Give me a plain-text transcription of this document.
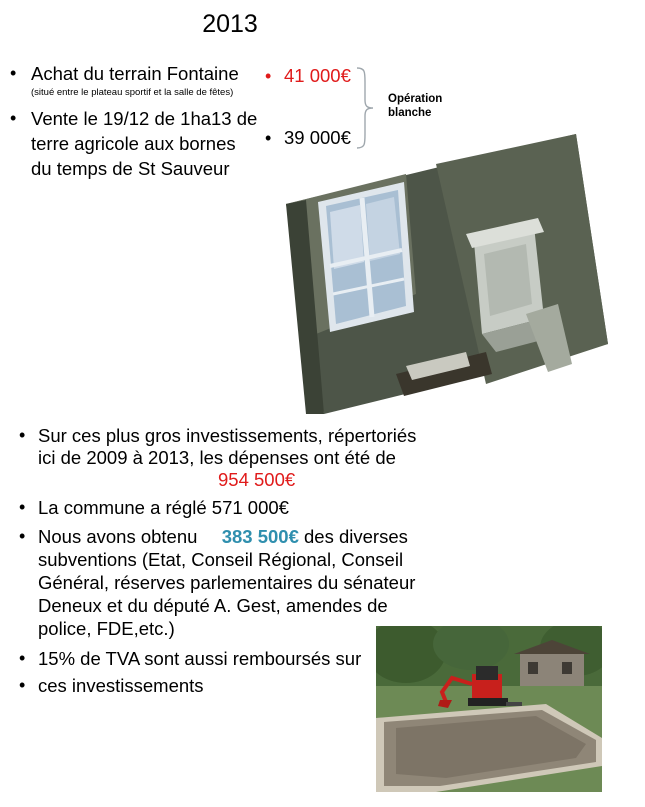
2013
• Achat du terrain Fontaine
(situé entre le plateau sportif et la salle de fêtes)
• Vente le 19/12 de 1ha13 de
terre agricole aux bornes
du temps de St Sauveur
• 41 000€
• 39 000€
Opération
blanche
• Sur ces plus gros investissements, répertoriés
ici de 2009 à 2013, les dépenses ont été de
954 500€
• La commune a réglé 571 000€
• Nous avons obtenu 383 500€ des diverses
subventions (Etat, Conseil Régional, Conseil
Général, réserves parlementaires du sénateur
Deneux et du député A. Gest, amendes de
police, FDE,etc.)
• 15% de TVA sont aussi remboursés sur
• ces investissements
